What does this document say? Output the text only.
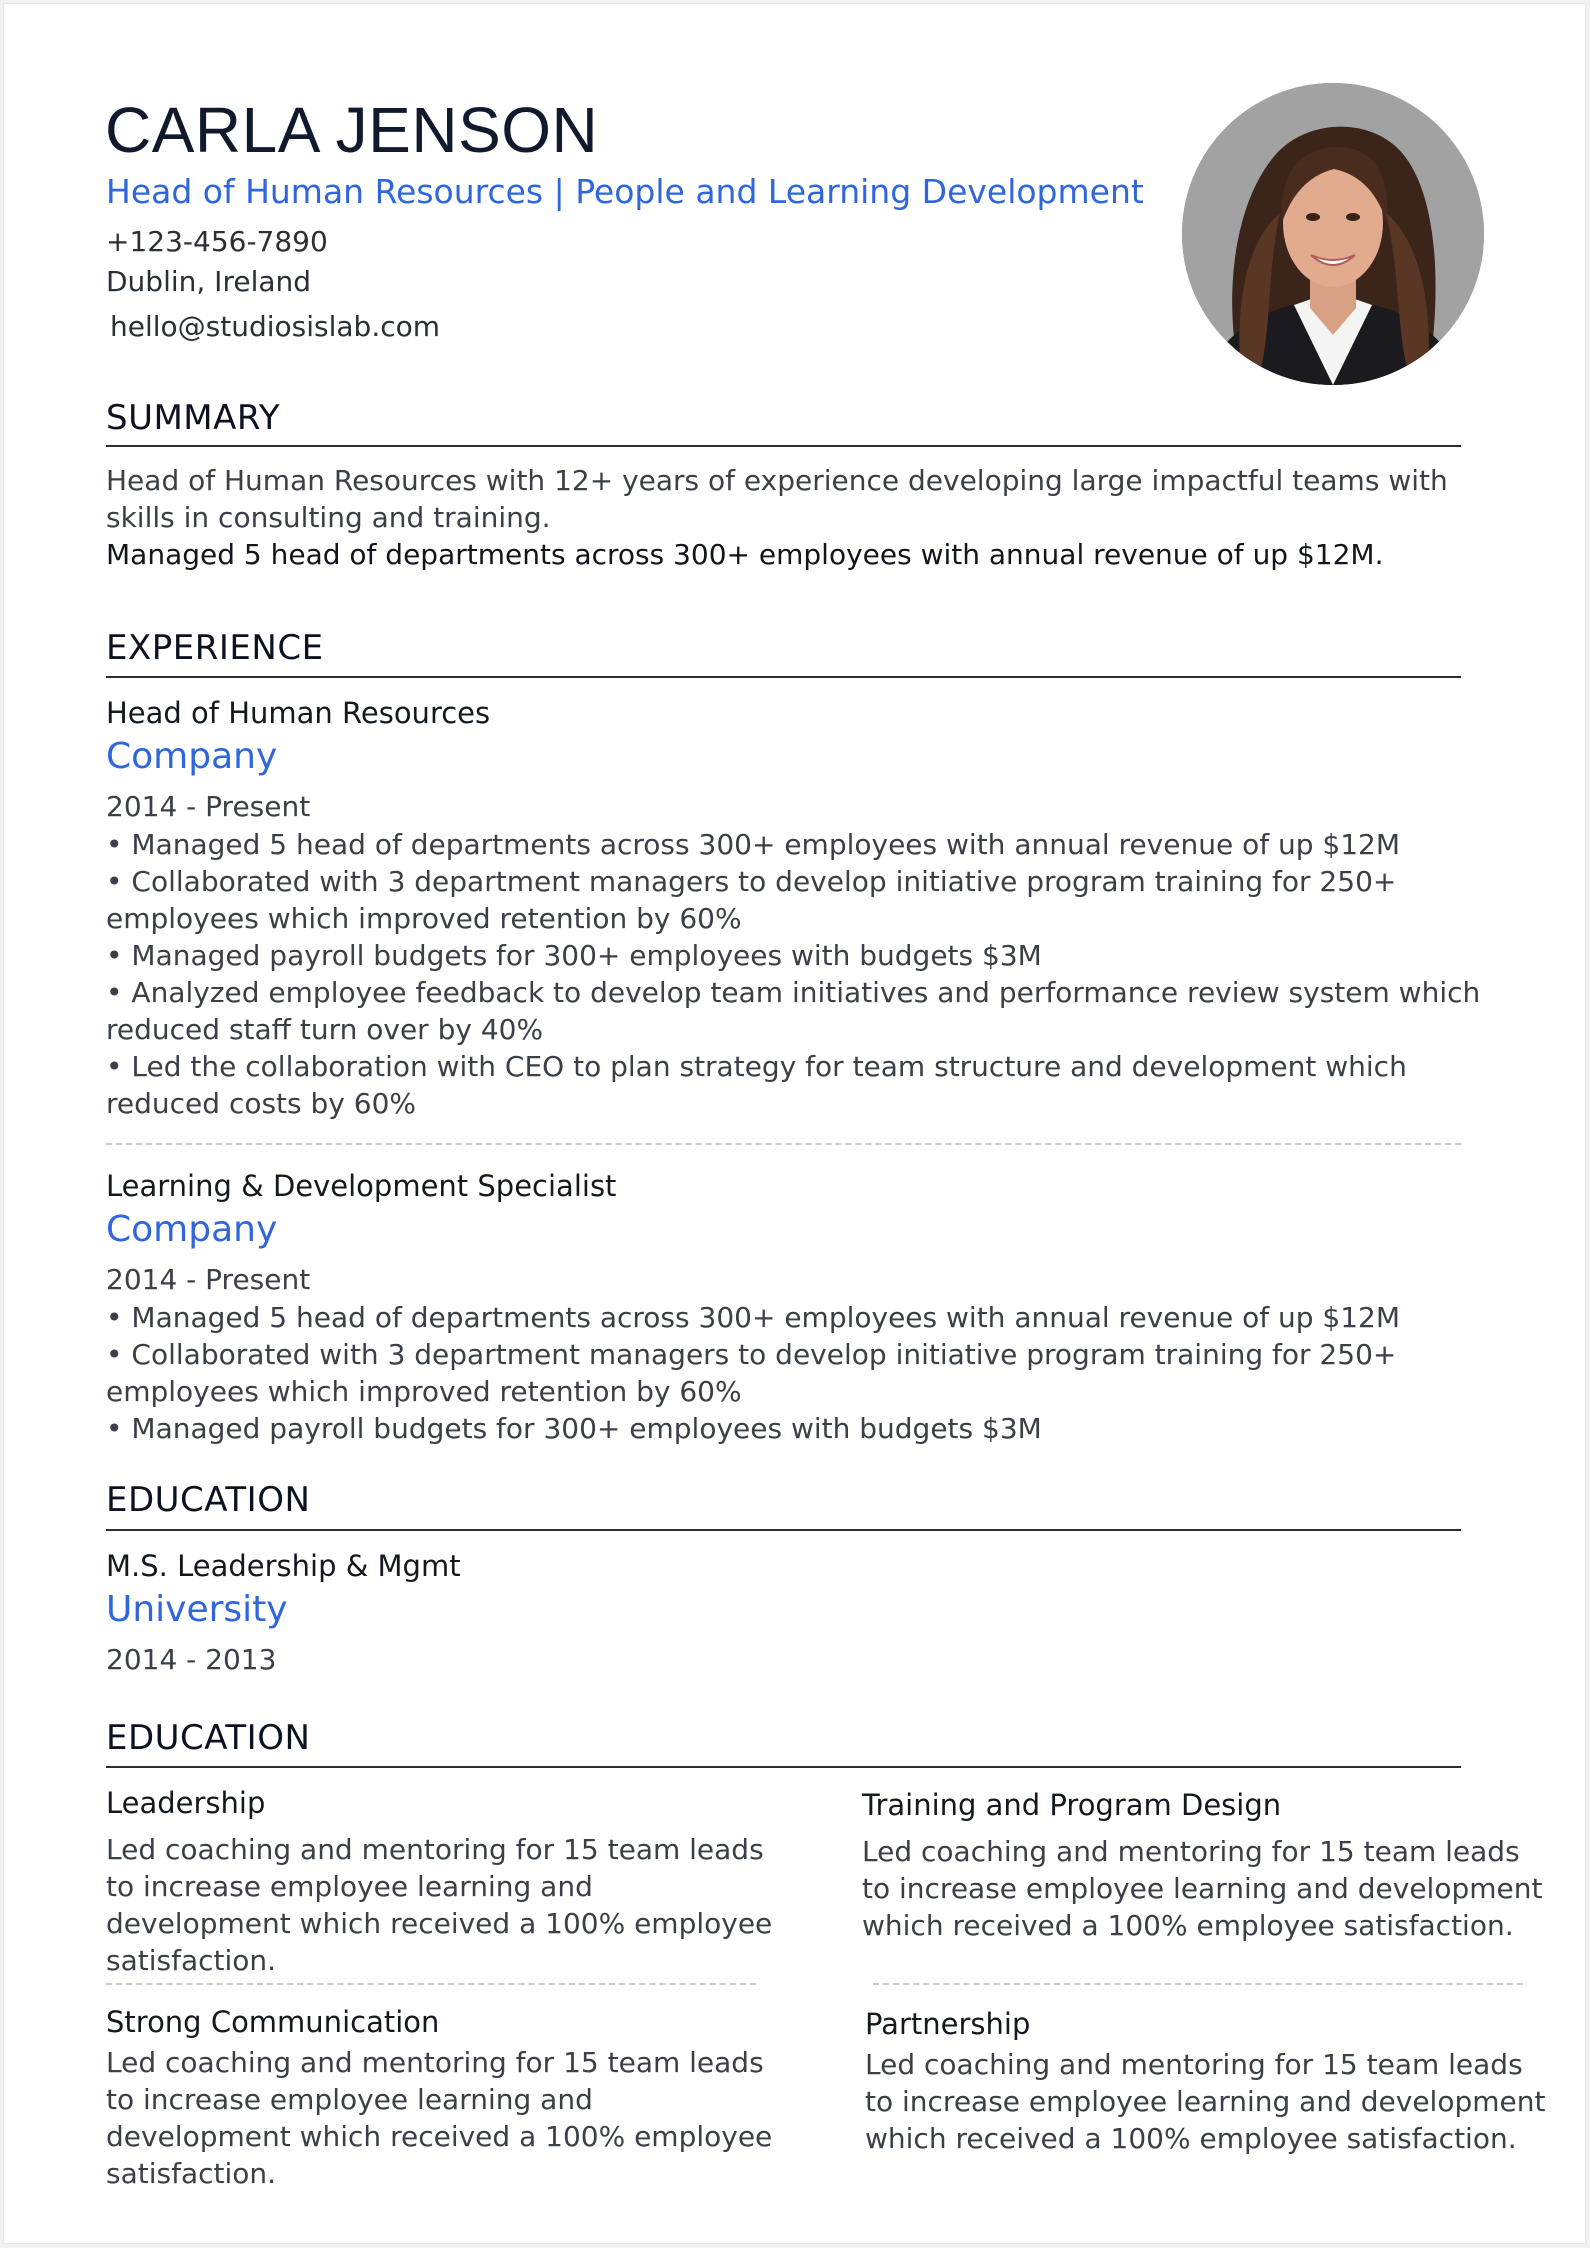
CARLA JENSON
Head of Human Resources | People and Learning Development
+123-456-7890
Dublin, Ireland
hello@studiosislab.com
SUMMARY
Head of Human Resources with 12+ years of experience developing large impactful teams with skills in consulting and training.
Managed 5 head of departments across 300+ employees with annual revenue of up $12M.
EXPERIENCE
Head of Human Resources
Company
2014 - Present
• Managed 5 head of departments across 300+ employees with annual revenue of up $12M
• Collaborated with 3 department managers to develop initiative program training for 250+ employees which improved retention by 60%
• Managed payroll budgets for 300+ employees with budgets $3M
• Analyzed employee feedback to develop team initiatives and performance review system which reduced staff turn over by 40%
• Led the collaboration with CEO to plan strategy for team structure and development which reduced costs by 60%
Learning & Development Specialist
Company
2014 - Present
• Managed 5 head of departments across 300+ employees with annual revenue of up $12M
• Collaborated with 3 department managers to develop initiative program training for 250+ employees which improved retention by 60%
• Managed payroll budgets for 300+ employees with budgets $3M
EDUCATION
M.S. Leadership & Mgmt
University
2014 - 2013
EDUCATION
Leadership
Led coaching and mentoring for 15 team leads to increase employee learning and development which received a 100% employee satisfaction.
Training and Program Design
Led coaching and mentoring for 15 team leads to increase employee learning and development which received a 100% employee satisfaction.
Strong Communication
Led coaching and mentoring for 15 team leads to increase employee learning and development which received a 100% employee satisfaction.
Partnership
Led coaching and mentoring for 15 team leads to increase employee learning and development which received a 100% employee satisfaction.
